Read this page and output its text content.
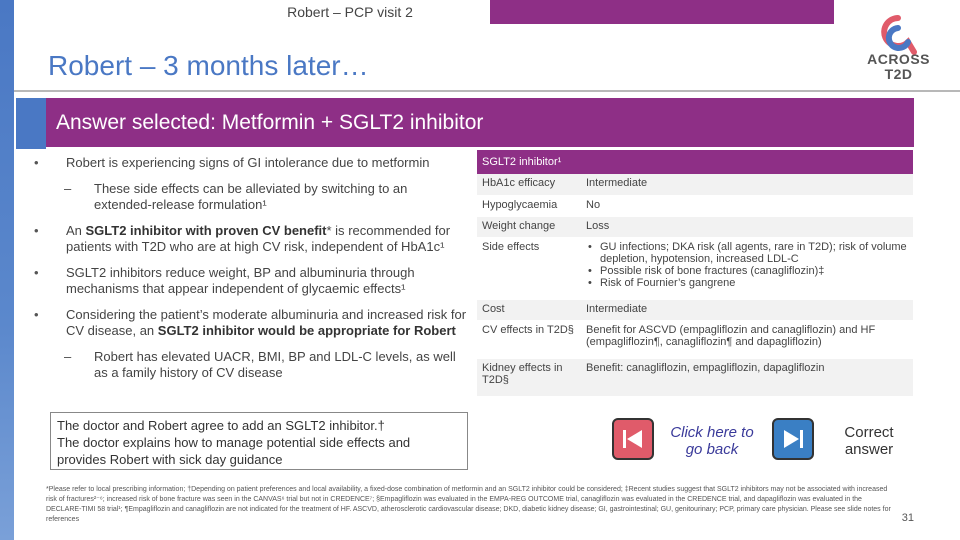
Robert – PCP visit 2
ACROSS
T2D
Robert – 3 months later…
Answer selected: Metformin + SGLT2 inhibitor
• Robert is experiencing signs of GI intolerance due to metformin
– These side effects can be alleviated by switching to an extended-release formulation¹
• An SGLT2 inhibitor with proven CV benefit* is recommended for patients with T2D who are at high CV risk, independent of HbA1c¹
• SGLT2 inhibitors reduce weight, BP and albuminuria through mechanisms that appear independent of glycaemic effects¹
• Considering the patient’s moderate albuminuria and increased risk for CV disease, an SGLT2 inhibitor would be appropriate for Robert
– Robert has elevated UACR, BMI, BP and LDL-C levels, as well as a family history of CV disease
The doctor and Robert agree to add an SGLT2 inhibitor.†
The doctor explains how to manage potential side effects and
provides Robert with sick day guidance
SGLT2 inhibitor¹	
HbA1c efficacy	Intermediate
Hypoglycaemia	No
Weight change	Loss
Side effects	• GU infections; DKA risk (all agents, rare in T2D); risk of volume depletion, hypotension, increased LDL-C
• Possible risk of bone fractures (canagliflozin)‡
• Risk of Fournier’s gangrene

Cost	Intermediate
CV effects in T2D§	Benefit for ASCVD (empagliflozin and canagliflozin) and HF (empagliflozin¶, canagliflozin¶ and dapagliflozin)
Kidney effects in T2D§	Benefit: canagliflozin, empagliflozin, dapagliflozin
Click here to go back
Correct answer
*Please refer to local prescribing information; †Depending on patient preferences and local availability, a fixed-dose combination of metformin and an SGLT2 inhibitor could be considered; ‡Recent studies suggest that SGLT2 inhibitors may not be associated with increased risk of fractures²⁻⁶; increased risk of bone fracture was seen in the CANVAS⁶ trial but not in CREDENCE⁷; §Empagliflozin was evaluated in the EMPA-REG OUTCOME trial, canagliflozin was evaluated in the CREDENCE trial, and dapagliflozin was evaluated in the DECLARE-TIMI 58 trial¹; ¶Empagliflozin and canagliflozin are not indicated for the treatment of HF. ASCVD, atherosclerotic cardiovascular disease; DKD, diabetic kidney disease; GI, gastrointestinal; GU, genitourinary; PCP, primary care physician. Please see slide notes for references	31
